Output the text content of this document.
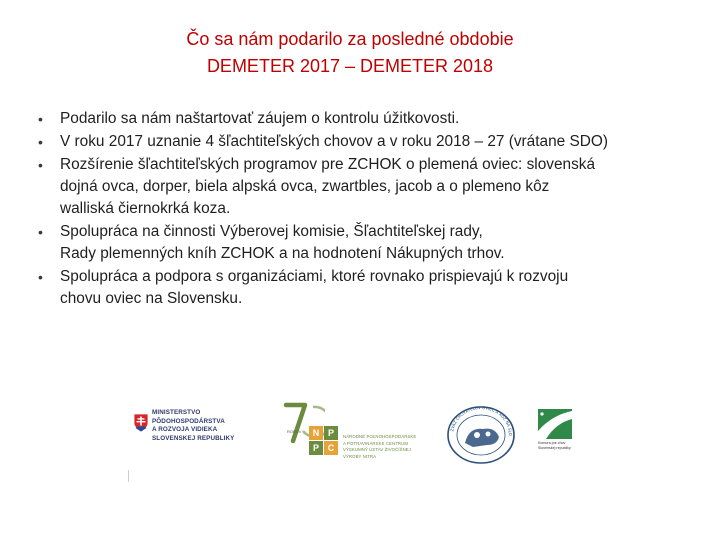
Čo sa nám podarilo za posledné obdobie
DEMETER 2017 – DEMETER 2018
• Podarilo sa nám naštartovať záujem o kontrolu úžitkovosti.
• V roku 2017 uznanie 4 šľachtiteľských chovov a v roku 2018 – 27 (vrátane SDO)
• Rozšírenie šľachtiteľských programov pre ZCHOK o plemená oviec: slovenská
dojná ovca, dorper, biela alpská ovca, zwartbles, jacob a o plemeno kôz
walliská čiernokrká koza.
• Spolupráca na činnosti Výberovej komisie, Šľachtiteľskej rady,
Rady plemenných kníh ZCHOK a na hodnotení Nákupných trhov.
• Spolupráca a podpora s organizáciami, ktoré rovnako prispievajú k rozvoju
chovu oviec na Slovensku.
MINISTERSTVO
PÔDOHOSPODÁRSTVA
A ROZVOJA VIDIEKA
SLOVENSKEJ REPUBLIKY
ROKOV	N P
P C
NÁRODNÉ POĽNOHOSPODÁRSKE
A POTRAVINÁRSKE CENTRUM
VÝSKUMNÝ ÚSTAV ŽIVOČÍŠNEJ
VÝROBY NITRA
ZVÄZ CHOVATEĽOV OVIEC A KÔZ NA SLO
Komora pre chov
Slovenskej republiky
